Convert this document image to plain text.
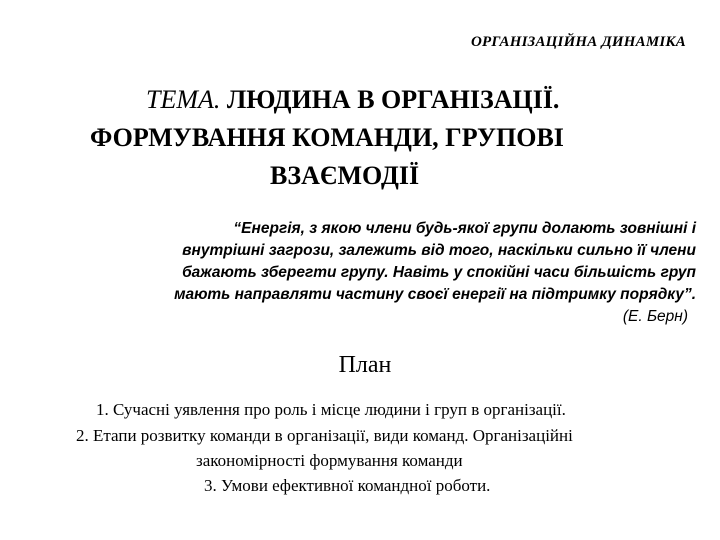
ОРГАНІЗАЦІЙНА ДИНАМІКА
ТЕМА. ЛЮДИНА В ОРГАНІЗАЦІЇ.
ФОРМУВАННЯ КОМАНДИ, ГРУПОВІ
ВЗАЄМОДІЇ
“Енергія, з якою члени будь-якої групи долають зовнішні і
внутрішні загрози, залежить від того, наскільки сильно її члени
бажають зберегти групу. Навіть у спокійні часи більшість груп
мають направляти частину своєї енергії на підтримку порядку”.
(Е. Берн)
План
1. Сучасні уявлення про роль і місце людини і груп в організації.
2. Етапи розвитку команди в організації, види команд. Організаційні
закономірності формування команди
3. Умови ефективної командної роботи.
